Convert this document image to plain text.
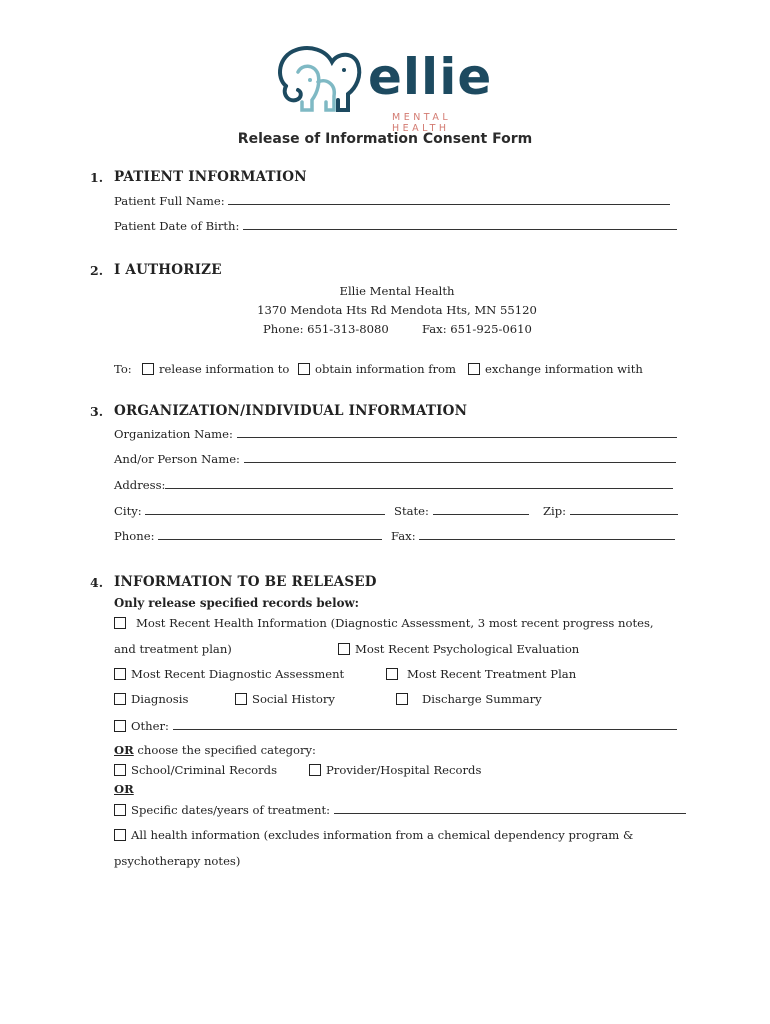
ellie
MENTAL HEALTH
Release of Information Consent Form
1. PATIENT INFORMATION
Patient Full Name:
Patient Date of Birth:
2. I AUTHORIZE
Ellie Mental Health
1370 Mendota Hts Rd Mendota Hts, MN 55120
Phone: 651-313-8080	Fax: 651-925-0610
To:	release information to	obtain information from	exchange information with
3. ORGANIZATION/INDIVIDUAL INFORMATION
Organization Name:
And/or Person Name:
Address:
City:	State:	Zip:
Phone:	Fax:
4. INFORMATION TO BE RELEASED
Only release specified records below:
Most Recent Health Information (Diagnostic Assessment, 3 most recent progress notes,
and treatment plan)	Most Recent Psychological Evaluation
Most Recent Diagnostic Assessment	Most Recent Treatment Plan
Diagnosis	Social History	Discharge Summary
Other:
OR choose the specified category:
School/Criminal Records	Provider/Hospital Records
OR
Specific dates/years of treatment:
All health information (excludes information from a chemical dependency program &
psychotherapy notes)
